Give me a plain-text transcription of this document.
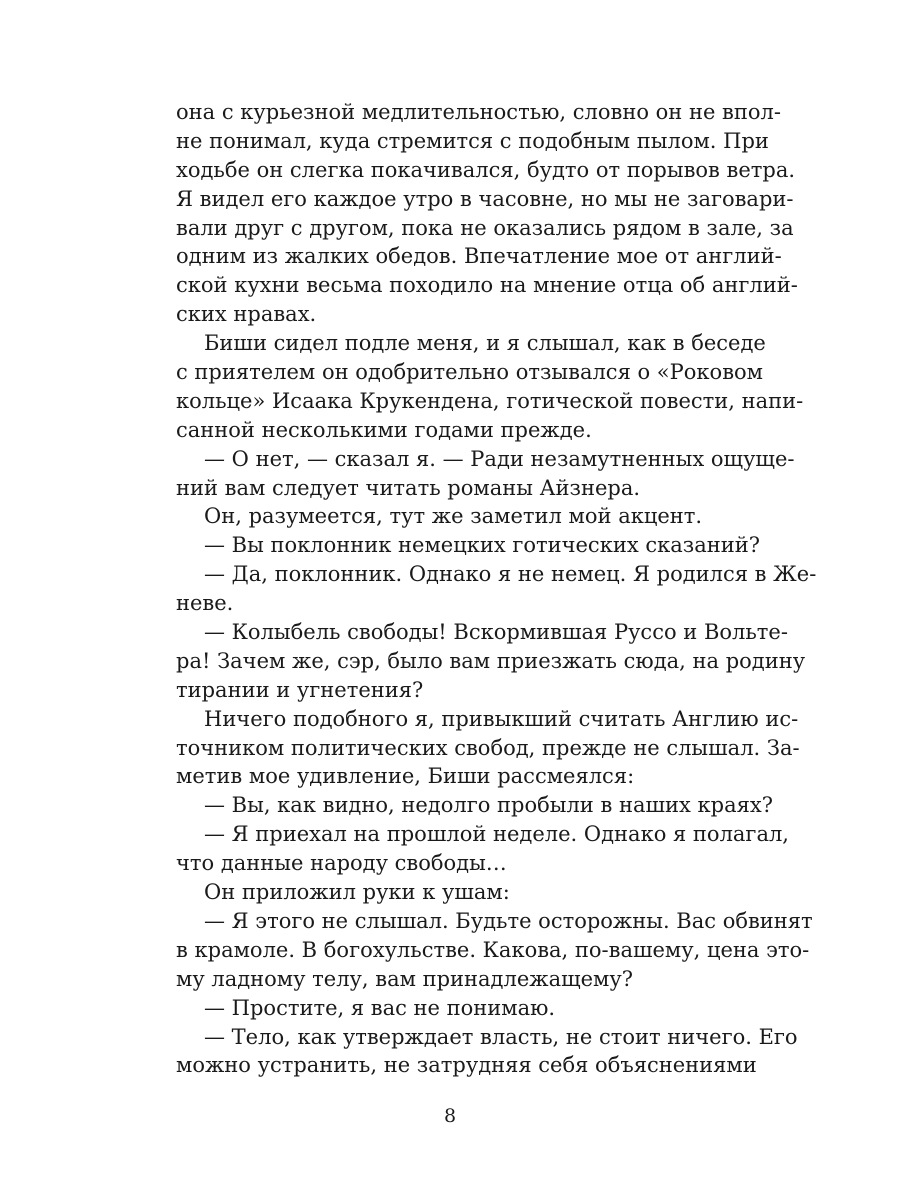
она с курьезной медлительностью, словно он не впол-
не понимал, куда стремится с подобным пылом. При
ходьбе он слегка покачивался, будто от порывов ветра.
Я видел его каждое утро в часовне, но мы не заговари-
вали друг с другом, пока не оказались рядом в зале, за
одним из жалких обедов. Впечатление мое от англий-
ской кухни весьма походило на мнение отца об англий-
ских нравах.
Биши сидел подле меня, и я слышал, как в беседе
с приятелем он одобрительно отзывался о «Роковом
кольце» Исаака Крукендена, готической повести, напи-
санной несколькими годами прежде.
— О нет, — сказал я. — Ради незамутненных ощуще-
ний вам следует читать романы Айзнера.
Он, разумеется, тут же заметил мой акцент.
— Вы поклонник немецких готических сказаний?
— Да, поклонник. Однако я не немец. Я родился в Же-
неве.
— Колыбель свободы! Вскормившая Руссо и Вольте-
ра! Зачем же, сэр, было вам приезжать сюда, на родину
тирании и угнетения?
Ничего подобного я, привыкший считать Англию ис-
точником политических свобод, прежде не слышал. За-
метив мое удивление, Биши рассмеялся:
— Вы, как видно, недолго пробыли в наших краях?
— Я приехал на прошлой неделе. Однако я полагал,
что данные народу свободы…
Он приложил руки к ушам:
— Я этого не слышал. Будьте осторожны. Вас обвинят
в крамоле. В богохульстве. Какова, по-вашему, цена это-
му ладному телу, вам принадлежащему?
— Простите, я вас не понимаю.
— Тело, как утверждает власть, не стоит ничего. Его
можно устранить, не затрудняя себя объяснениями
8
